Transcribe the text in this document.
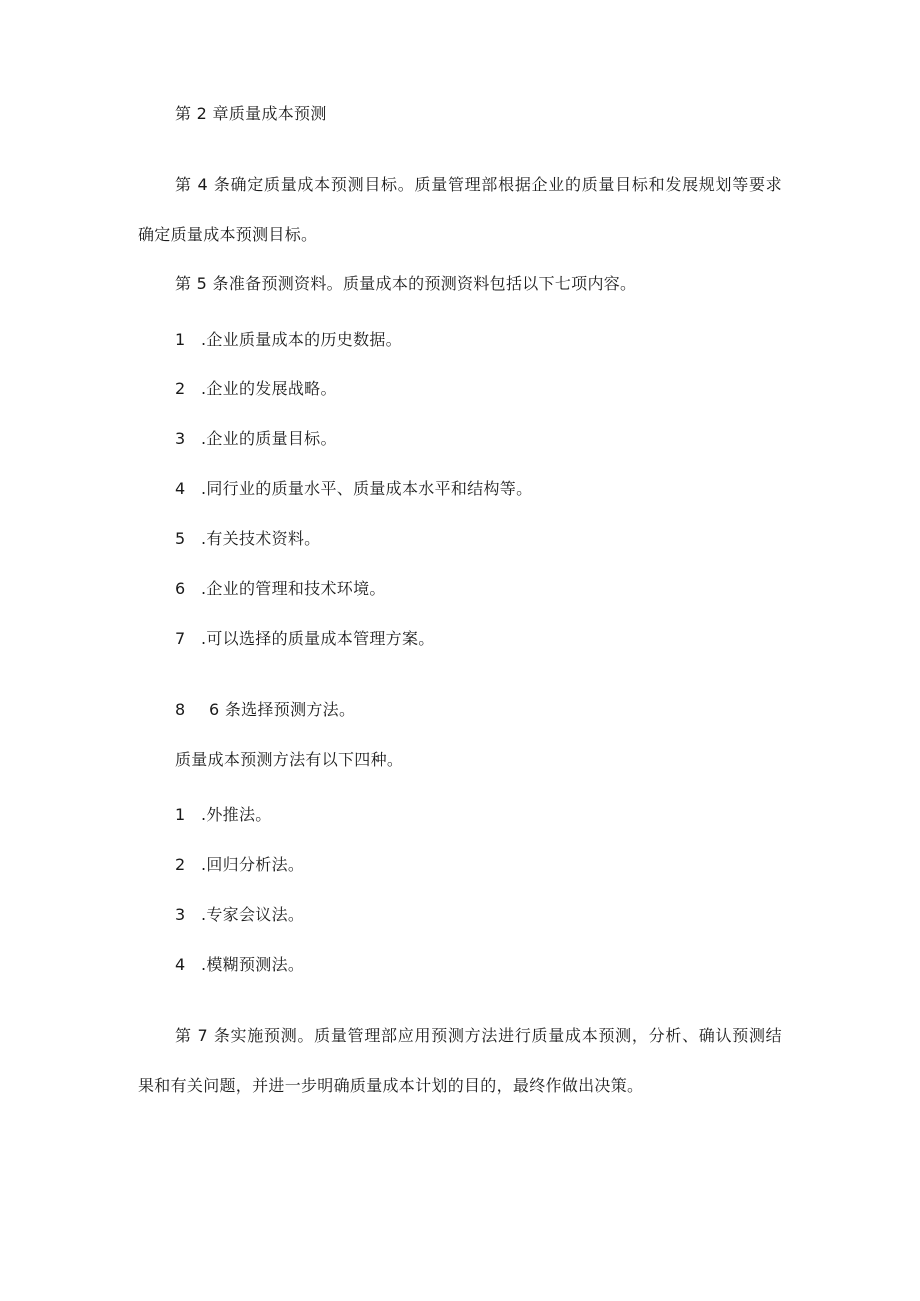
第 2 章质量成本预测
第 4 条确定质量成本预测目标。质量管理部根据企业的质量目标和发展规划等要求
确定质量成本预测目标。
第 5 条准备预测资料。质量成本的预测资料包括以下七项内容。
1 .企业质量成本的历史数据。
2 .企业的发展战略。
3 .企业的质量目标。
4 .同行业的质量水平、质量成本水平和结构等。
5 .有关技术资料。
6 .企业的管理和技术环境。
7 .可以选择的质量成本管理方案。
8 6 条选择预测方法。
质量成本预测方法有以下四种。
1 .外推法。
2 .回归分析法。
3 .专家会议法。
4 .模糊预测法。
第 7 条实施预测。质量管理部应用预测方法进行质量成本预测，分析、确认预测结
果和有关问题，并进一步明确质量成本计划的目的，最终作做出决策。
